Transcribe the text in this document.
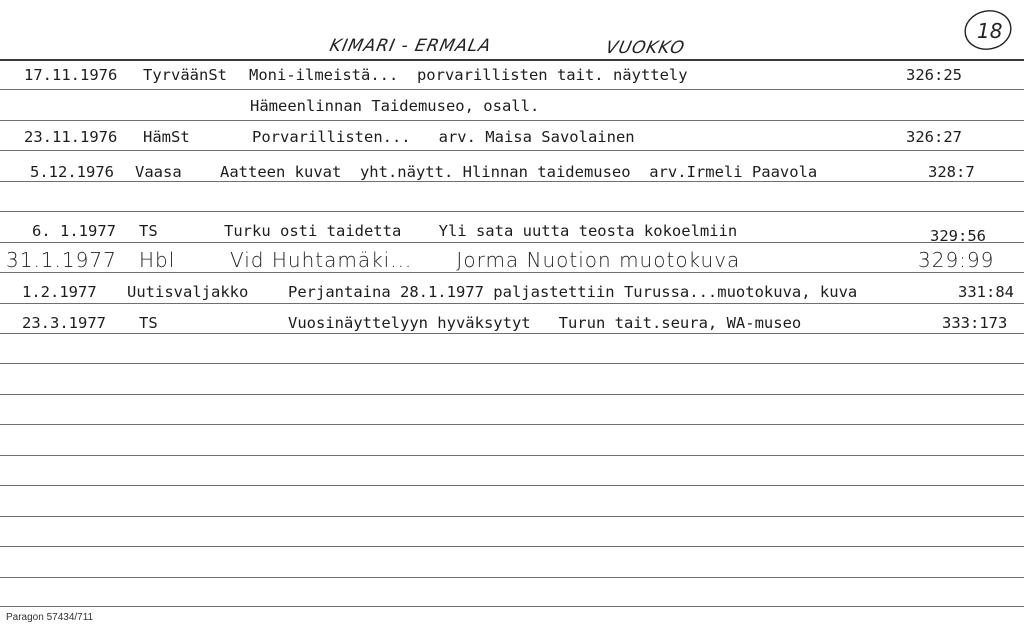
KIMARI - ERMALA	VUOKKO
18
17.11.1976 TyrväänSt Moni-ilmeistä...  porvarillisten tait. näyttely	326:25
Hämeenlinnan Taidemuseo, osall.
23.11.1976 HämSt	Porvarillisten...   arv. Maisa Savolainen	326:27
5.12.1976 Vaasa Aatteen kuvat  yht.näytt. Hlinnan taidemuseo  arv.Irmeli Paavola	328:7
6. 1.1977 TS	Turku osti taidetta    Yli sata uutta teosta kokoelmiin	329:56
31.1.1977 Hbl	Vid Huhtamäki...      Jorma Nuotion muotokuva	329:99
1.2.1977 Uutisvaljakko	Perjantaina 28.1.1977 paljastettiin Turussa...muotokuva, kuva	331:84
23.3.1977 TS	Vuosinäyttelyyn hyväksytyt   Turun tait.seura, WA-museo	333:173
Paragon 57434/711
